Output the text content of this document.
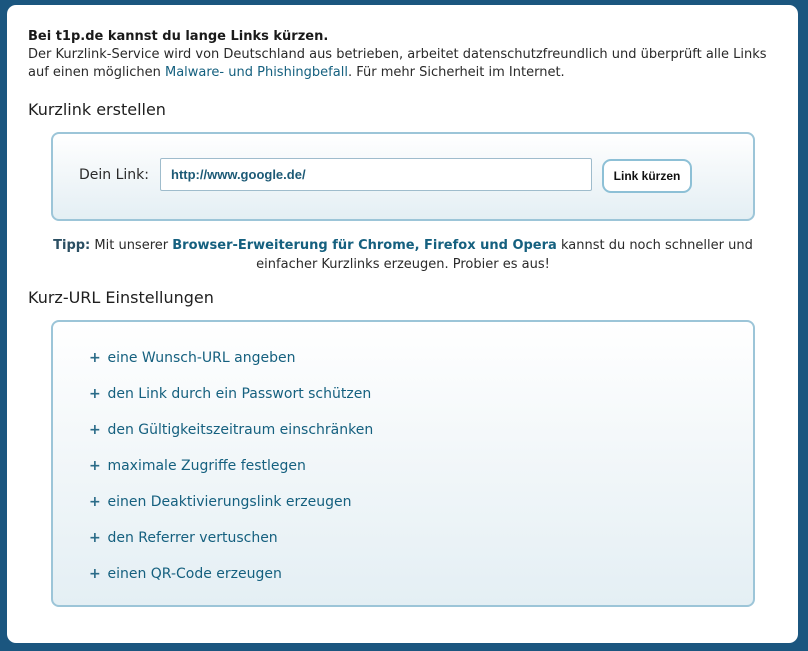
Bei t1p.de kannst du lange Links kürzen.
Der Kurzlink-Service wird von Deutschland aus betrieben, arbeitet datenschutzfreundlich und überprüft alle Links auf einen möglichen Malware- und Phishingbefall. Für mehr Sicherheit im Internet.
Kurzlink erstellen
Dein Link:
http://www.google.de/	Link kürzen
Tipp: Mit unserer Browser-Erweiterung für Chrome, Firefox und Opera kannst du noch schneller und einfacher Kurzlinks erzeugen. Probier es aus!
Kurz-URL Einstellungen
+ eine Wunsch-URL angeben
+ den Link durch ein Passwort schützen
+ den Gültigkeitszeitraum einschränken
+ maximale Zugriffe festlegen
+ einen Deaktivierungslink erzeugen
+ den Referrer vertuschen
+ einen QR-Code erzeugen
